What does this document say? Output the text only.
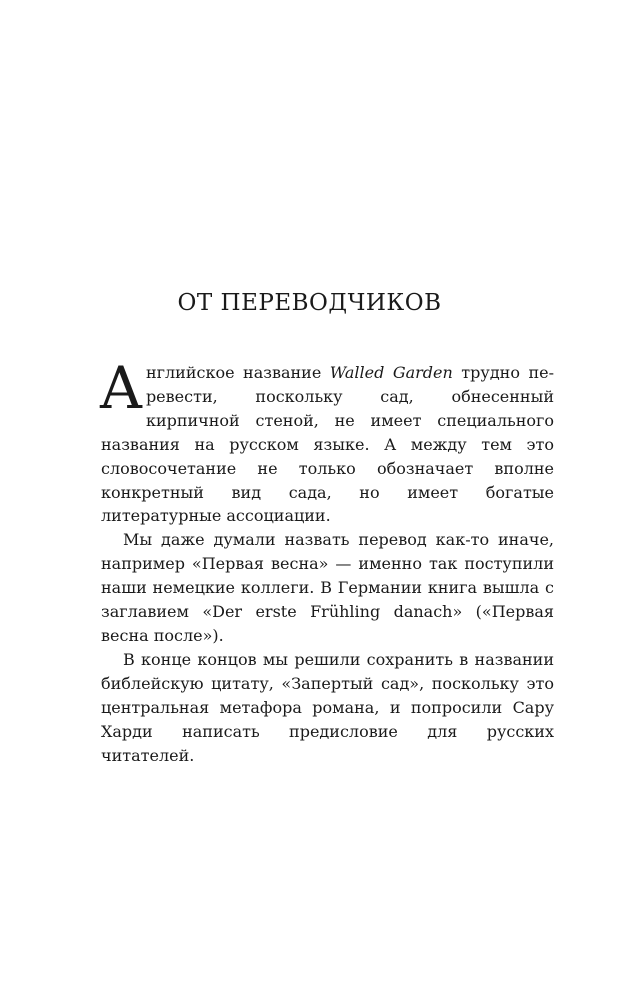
ОТ ПЕРЕВОДЧИКОВ

Английское название Walled Garden трудно пе-ревести, поскольку сад, обнесенный кирпичной стеной, не имеет специального названия на русском языке. А между тем это словосочетание не только обозначает вполне конкретный вид сада, но имеет богатые литературные ассоциации.

Мы даже думали назвать перевод как-то иначе, например «Первая весна» — именно так поступили наши немецкие коллеги. В Германии книга вышла с заглавием «Der erste Frühling danach» («Первая весна после»).

В конце концов мы решили сохранить в названии библейскую цитату, «Запертый сад», поскольку это центральная метафора романа, и попросили Сару Харди написать предисловие для русских читателей.
